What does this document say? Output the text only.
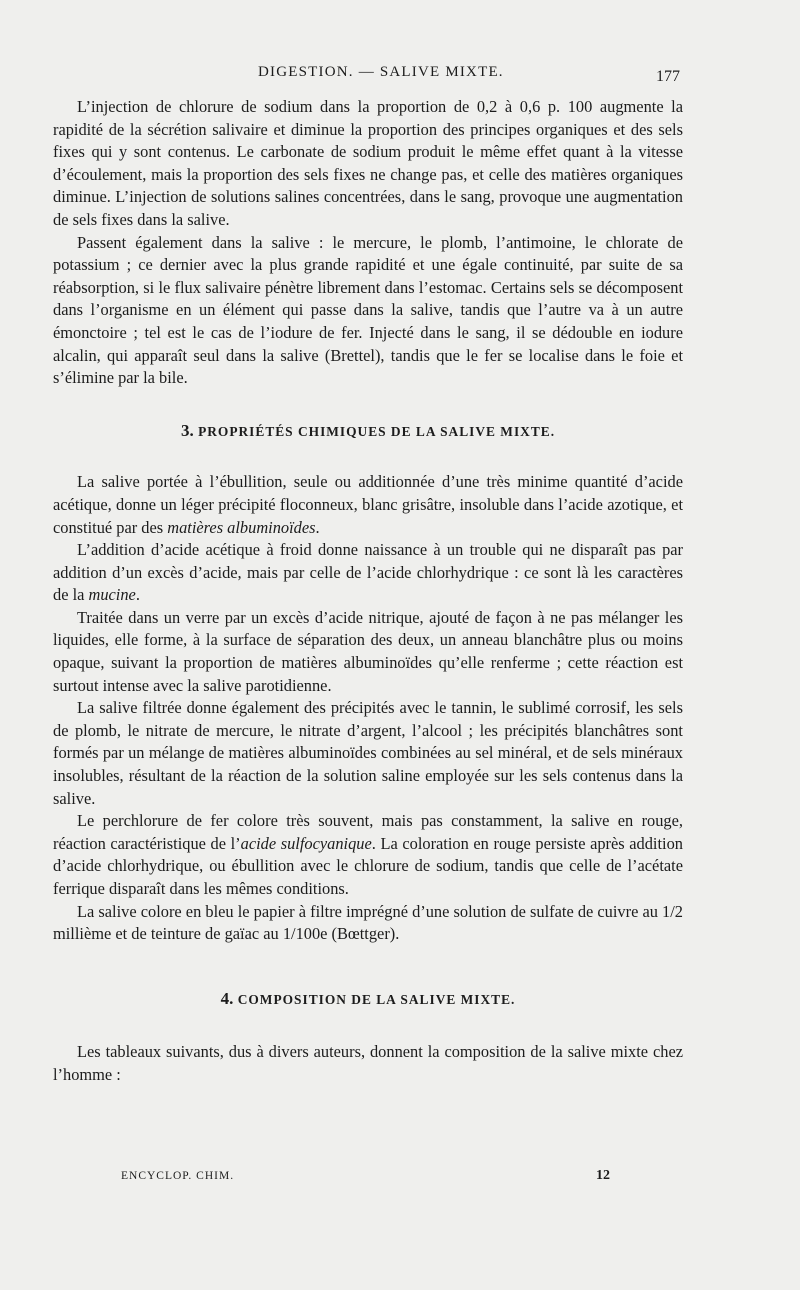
DIGESTION. — SALIVE MIXTE.	177

L’injection de chlorure de sodium dans la proportion de 0,2 à 0,6 p. 100 augmente la rapidité de la sécrétion salivaire et diminue la proportion des principes organiques et des sels fixes qui y sont contenus. Le carbonate de sodium produit le même effet quant à la vitesse d’écoulement, mais la proportion des sels fixes ne change pas, et celle des matières organiques diminue. L’injection de solutions salines concentrées, dans le sang, provoque une augmentation de sels fixes dans la salive.

Passent également dans la salive : le mercure, le plomb, l’antimoine, le chlorate de potassium ; ce dernier avec la plus grande rapidité et une égale continuité, par suite de sa réabsorption, si le flux salivaire pénètre librement dans l’estomac. Certains sels se décomposent dans l’organisme en un élément qui passe dans la salive, tandis que l’autre va à un autre émonctoire ; tel est le cas de l’iodure de fer. Injecté dans le sang, il se dédouble en iodure alcalin, qui apparaît seul dans la salive (Brettel), tandis que le fer se localise dans le foie et s’élimine par la bile.

3. PROPRIÉTÉS CHIMIQUES DE LA SALIVE MIXTE.

La salive portée à l’ébullition, seule ou additionnée d’une très minime quantité d’acide acétique, donne un léger précipité floconneux, blanc grisâtre, insoluble dans l’acide azotique, et constitué par des matières albuminoïdes.

L’addition d’acide acétique à froid donne naissance à un trouble qui ne disparaît pas par addition d’un excès d’acide, mais par celle de l’acide chlorhydrique : ce sont là les caractères de la mucine.

Traitée dans un verre par un excès d’acide nitrique, ajouté de façon à ne pas mélanger les liquides, elle forme, à la surface de séparation des deux, un anneau blanchâtre plus ou moins opaque, suivant la proportion de matières albuminoïdes qu’elle renferme ; cette réaction est surtout intense avec la salive parotidienne.

La salive filtrée donne également des précipités avec le tannin, le sublimé corrosif, les sels de plomb, le nitrate de mercure, le nitrate d’argent, l’alcool ; les précipités blanchâtres sont formés par un mélange de matières albuminoïdes combinées au sel minéral, et de sels minéraux insolubles, résultant de la réaction de la solution saline employée sur les sels contenus dans la salive.

Le perchlorure de fer colore très souvent, mais pas constamment, la salive en rouge, réaction caractéristique de l’acide sulfocyanique. La coloration en rouge persiste après addition d’acide chlorhydrique, ou ébullition avec le chlorure de sodium, tandis que celle de l’acétate ferrique disparaît dans les mêmes conditions.

La salive colore en bleu le papier à filtre imprégné d’une solution de sulfate de cuivre au 1/2 millième et de teinture de gaïac au 1/100e (Bœttger).

4. COMPOSITION DE LA SALIVE MIXTE.

Les tableaux suivants, dus à divers auteurs, donnent la composition de la salive mixte chez l’homme :

ENCYCLOP. CHIM.	12
